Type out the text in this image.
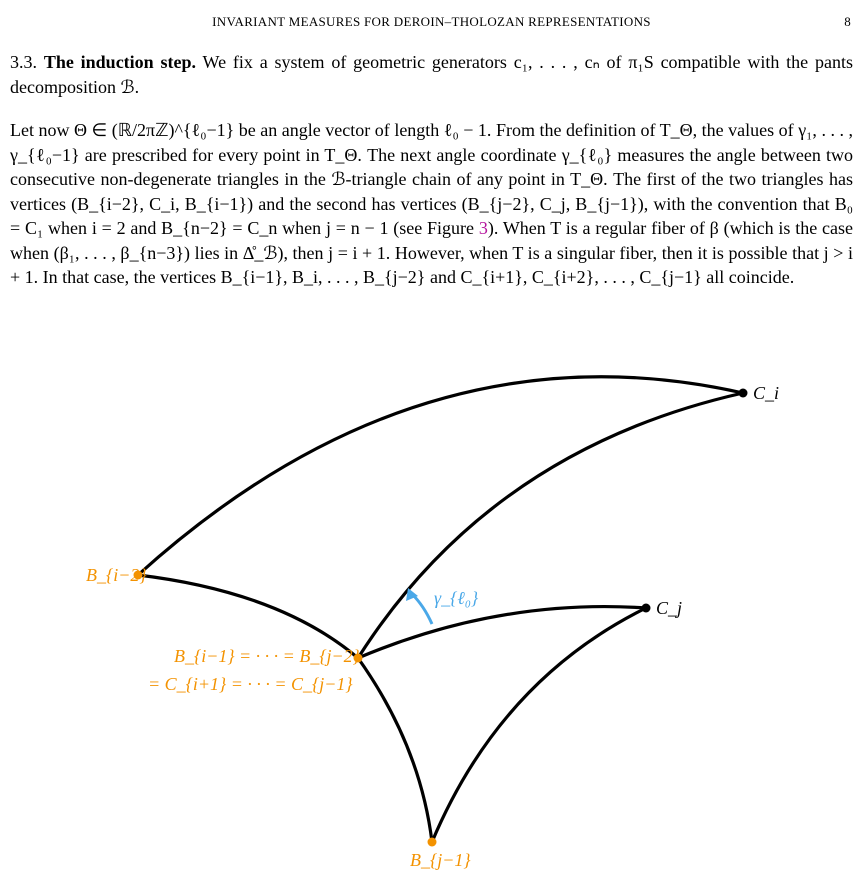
INVARIANT MEASURES FOR DEROIN–THOLOZAN REPRESENTATIONS	8
3.3. The induction step. We fix a system of geometric generators c₁, . . . , cₙ of π₁S compatible with the pants decomposition ℬ.
Let now Θ ∈ (ℝ/2πℤ)^{ℓ₀−1} be an angle vector of length ℓ₀ − 1. From the definition of T_Θ, the values of γ₁, . . . , γ_{ℓ₀−1} are prescribed for every point in T_Θ. The next angle coordinate γ_{ℓ₀} measures the angle between two consecutive non-degenerate triangles in the ℬ-triangle chain of any point in T_Θ. The first of the two triangles has vertices (B_{i−2}, C_i, B_{i−1}) and the second has vertices (B_{j−2}, C_j, B_{j−1}), with the convention that B₀ = C₁ when i = 2 and B_{n−2} = C_n when j = n − 1 (see Figure 3). When T is a regular fiber of β (which is the case when (β₁, . . . , β_{n−3}) lies in Δ̊_ℬ), then j = i + 1. However, when T is a singular fiber, then it is possible that j > i + 1. In that case, the vertices B_{i−1}, B_i, . . . , B_{j−2} and C_{i+1}, C_{i+2}, . . . , C_{j−1} all coincide.
C_i
C_j
B_{i−2}
B_{i−1} = · · · = B_{j−2}
= C_{i+1} = · · · = C_{j−1}
B_{j−1}
γ_{ℓ₀}
